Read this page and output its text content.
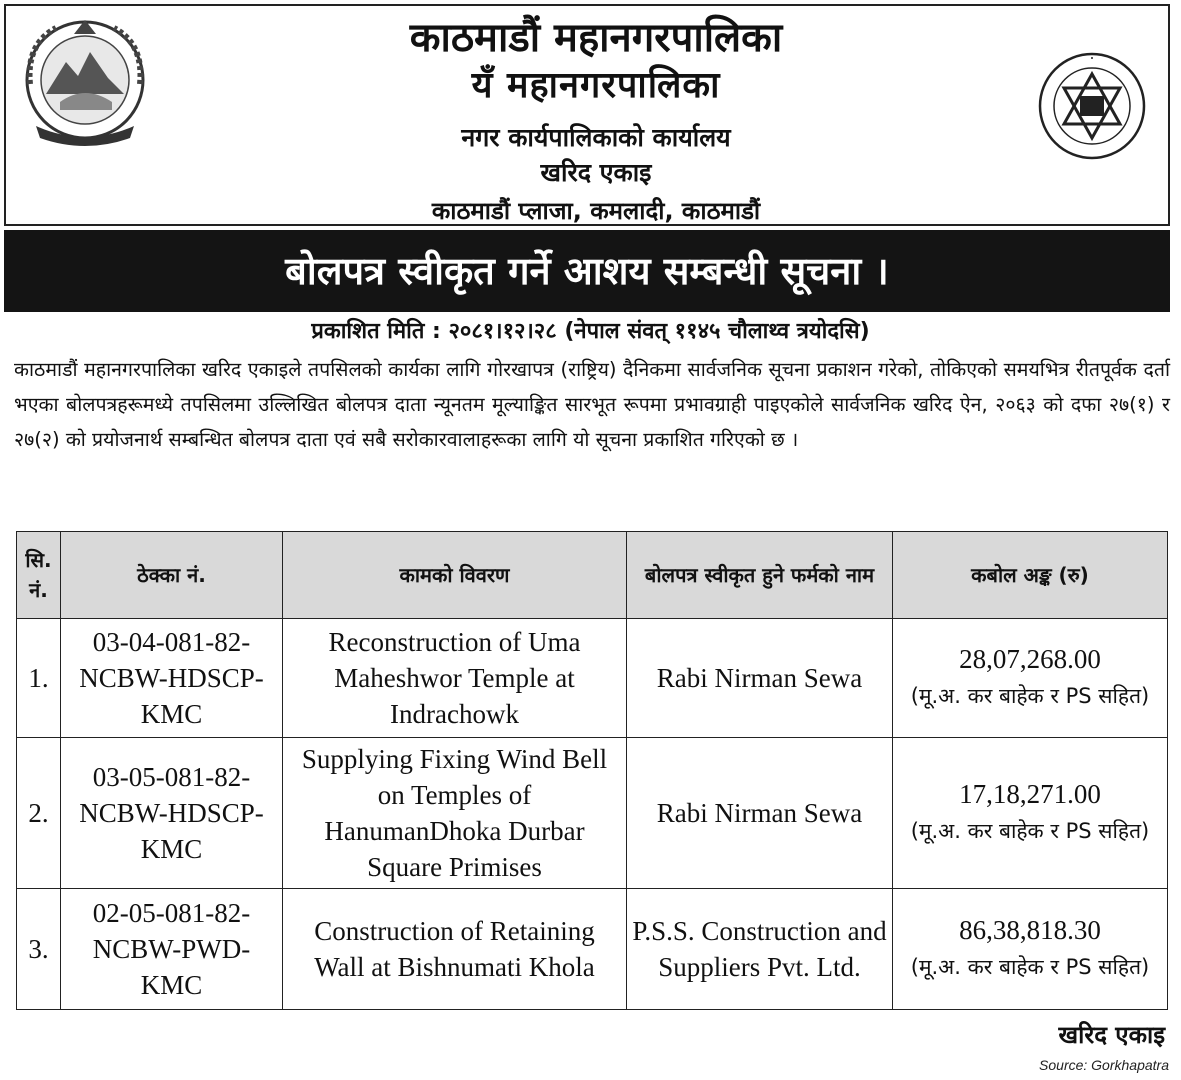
काठमाडौं महानगरपालिका
यँ महानगरपालिका
नगर कार्यपालिकाको कार्यालय
खरिद एकाइ
काठमाडौं प्लाजा, कमलादी, काठमाडौं
बोलपत्र स्वीकृत गर्ने आशय सम्बन्धी सूचना ।
प्रकाशित मिति : २०८१।१२।२८ (नेपाल संवत् ११४५ चौलाथ्व त्रयोदसि)
काठमाडौं महानगरपालिका खरिद एकाइले तपसिलको कार्यका लागि गोरखापत्र (राष्ट्रिय) दैनिकमा सार्वजनिक सूचना प्रकाशन गरेको, तोकिएको समयभित्र रीतपूर्वक दर्ता भएका बोलपत्रहरूमध्ये तपसिलमा उल्लिखित बोलपत्र दाता न्यूनतम मूल्याङ्कित सारभूत रूपमा प्रभावग्राही पाइएकोले सार्वजनिक खरिद ऐन, २०६३ को दफा २७(१) र २७(२) को प्रयोजनार्थ सम्बन्धित बोलपत्र दाता एवं सबै सरोकारवालाहरूका लागि यो सूचना प्रकाशित गरिएको छ ।
सि. नं.	ठेक्का नं.	कामको विवरण	बोलपत्र स्वीकृत हुने फर्मको नाम	कबोल अङ्क (रु)
1.	03-04-081-82-NCBW-HDSCP-KMC	Reconstruction of Uma Maheshwor Temple at Indrachowk	Rabi Nirman Sewa	28,07,268.00
(मू.अ. कर बाहेक र PS सहित)

2.	03-05-081-82-NCBW-HDSCP-KMC	Supplying Fixing Wind Bell on Temples of HanumanDhoka Durbar Square Primises	Rabi Nirman Sewa	17,18,271.00
(मू.अ. कर बाहेक र PS सहित)

3.	02-05-081-82-NCBW-PWD-KMC	Construction of Retaining Wall at Bishnumati Khola	P.S.S. Construction and Suppliers Pvt. Ltd.	86,38,818.30
(मू.अ. कर बाहेक र PS सहित)
खरिद एकाइ
Source: Gorkhapatra
